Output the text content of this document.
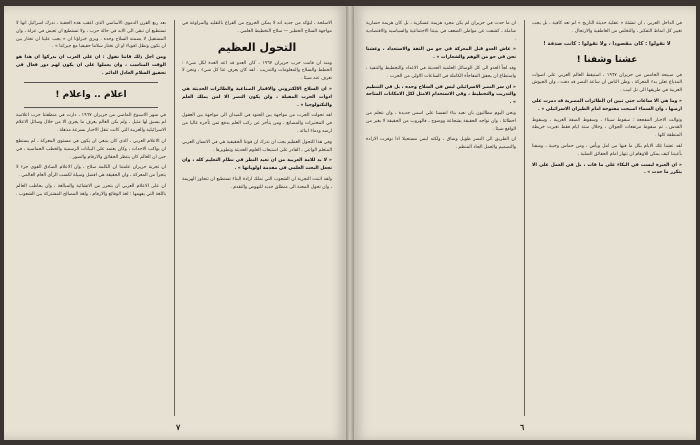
بعد ربع القرن الدموي الأساسي الذي اعقب هذه الحقبة ، تدرك اسرائيل انها لا تستطيع ان تبقى الى الابد في حالة حرب ، ولا تستطيع ان تعيش في عزلة ، وان المستقبل لا يضمنه السلاح وحده . ويرى خبراؤنا ان « يجب علينا ان نختار بين ان نكون ونظل اقوياء او ان نختار سلاما حقيقيا مع جيراننا » .

ومن اجل ذلك فاننا نقول : ان على العرب ان يدركوا ان هذا هو الوقت المناسب ، وان يعملوا على ان يكون لهم دور فعال في تحقيق السلام العادل الدائم .

اعلام .. واعلام !

في شهر الاسبوع الماضي من حزيران ١٩٦٧ ، دارت في منطقتنا حرب اعلامية لم يسبق لها مثيل ، ولم يكن العالم يعرف ما يجري الا من خلال وسائل الاعلام الاسرائيلية والغربية التي كانت تنقل الاخبار بسرعة مذهلة .

ان الاعلام العربي ، الذي كان ينبغي ان يكون في مستوى المعركة ، لم يستطع ان يواكب الاحداث ، وكان يعتمد على البيانات الرسمية والخطب الحماسية ، في حين ان العالم كان ينتظر الحقائق والارقام والصور .

ان تجربة حزيران علمتنا ان الكلمة سلاح ، وان الاعلام الصادق القوي جزء لا يتجزأ من المعركة ، وان الحقيقة هي افضل وسيلة لكسب الرأي العام العالمي .

ان على الاعلام العربي ان يتحرر من الانشائية والمبالغة ، وان يخاطب العالم باللغة التي يفهمها : لغة الوقائع والارقام ، ولغة المصالح المشتركة بين الشعوب .

الاسلحة ، ليؤكد من جديد انه لا يمكن الخروج من الفراغ بالتقليد والمراوغة في مواجهة السلاح الخطير — سلاح التخطيط العلمي .

التحول العظيم

ومنذ ان قامت حرب حزيران ١٩٦٧ ، كان العدو قد اعد العدة لكل شيء : الخطط والسلاح والمعلومات والتدريب . لقد كان يعرف عنا كل شيء ، ونحن لا نعرف عنه شيئا .

« ان السلاح الالكتروني والاقمار الصناعية والطائرات الحديثة هي ادوات الحرب المقبلة ، ولن يكون النصر الا لمن يملك العلم والتكنولوجيا » .

لقد تحولت الحرب من مواجهة بين الجنود في الميدان الى مواجهة بين العقول في المختبرات والمصانع ، ومن يتأخر عن ركب العلم يدفع ثمن تأخره غاليا من ارضه ودماء ابنائه .

وفي هذا التحول العظيم يجب ان ندرك ان قوتنا الحقيقية هي في الانسان العربي المتعلم الواعي ، القادر على استيعاب العلوم الحديثة وتطويرها .

« لا بد للامة العربية من ان تعيد النظر في نظام التعليم كله ، وان تجعل البحث العلمي في مقدمة اولوياتها » .

ولقد اثبتت التجربة ان الشعوب التي تملك ارادة البناء تستطيع ان تتجاوز الهزيمة ، وان تحول المحنة الى منطلق جديد للنهوض والتقدم .

٧

ان ما حدث في حزيران لم يكن مجرد هزيمة عسكرية ، بل كان هزيمة حضارية شاملة ، كشفت عن مواطن الضعف في بنيتنا الاجتماعية والسياسية والاقتصادية .

« عاش العدو قبل المعركة في جو من الثقة والاستعداد ، وعشنا نحن في جو من الوهم والشعارات » .

وقد لجأ العدو الى كل الوسائل العلمية الحديثة في الاعداد والتخطيط والتنفيذ ، واستطاع ان يحقق المفاجأة الكاملة في الساعات الاولى من الحرب .

« ان سر النصر الاسرائيلي ليس في السلاح وحده ، بل في التنظيم والتدريب والتخطيط ، وفي الاستخدام الامثل لكل الامكانات المتاحة » .

ونحن اليوم مطالبون بان نعيد بناء انفسنا على اسس جديدة ، وان نتعلم من اخطائنا ، وان نواجه الحقيقة بشجاعة ووضوح ، فالهروب من الحقيقة لا يغير من الواقع شيئا .

ان الطريق الى النصر طويل وشاق ، ولكنه ليس مستحيلا اذا توفرت الارادة والتصميم والعمل الجاد المنظم .

في الداخل العربي ، ان تنشئة « عقلية حديثة التاريخ » لم تعد كافية ، بل يجب تغيير كل انماط التفكير ، والتخلص من العاطفية والارتجال .

لا تقولوا : كان مقصودا ، ولا تقولوا : كانت صدفة !
عشنا وشفنا !

في صبيحة الخامس من حزيران ١٩٦٧ ، استيقظ العالم العربي على اصوات المذياع تعلن بدء المعركة ، وظن الناس ان ساعة النصر قد دقت ، وان الجيوش العربية في طريقها الى تل ابيب .

« وما هي الا ساعات حتى تبين ان الطائرات المصرية قد دمرت على ارضها ، وان السماء اصبحت مفتوحة امام الطيران الاسرائيلي » .

وتوالت الاخبار المفجعة : سقوط سيناء ، وسقوط الضفة الغربية ، وسقوط القدس ، ثم سقوط مرتفعات الجولان ، وخلال ستة ايام فقط تغيرت خريطة المنطقة كلها .

لقد عشنا تلك الايام بكل ما فيها من امل ويأس ، ومن حماس وخيبة ، وشفنا بأعيننا كيف يمكن للاوهام ان تنهار امام الحقائق الصلبة .

« ان العبرة ليست في البكاء على ما فات ، بل في العمل على الا يتكرر ما حدث » .

٦
